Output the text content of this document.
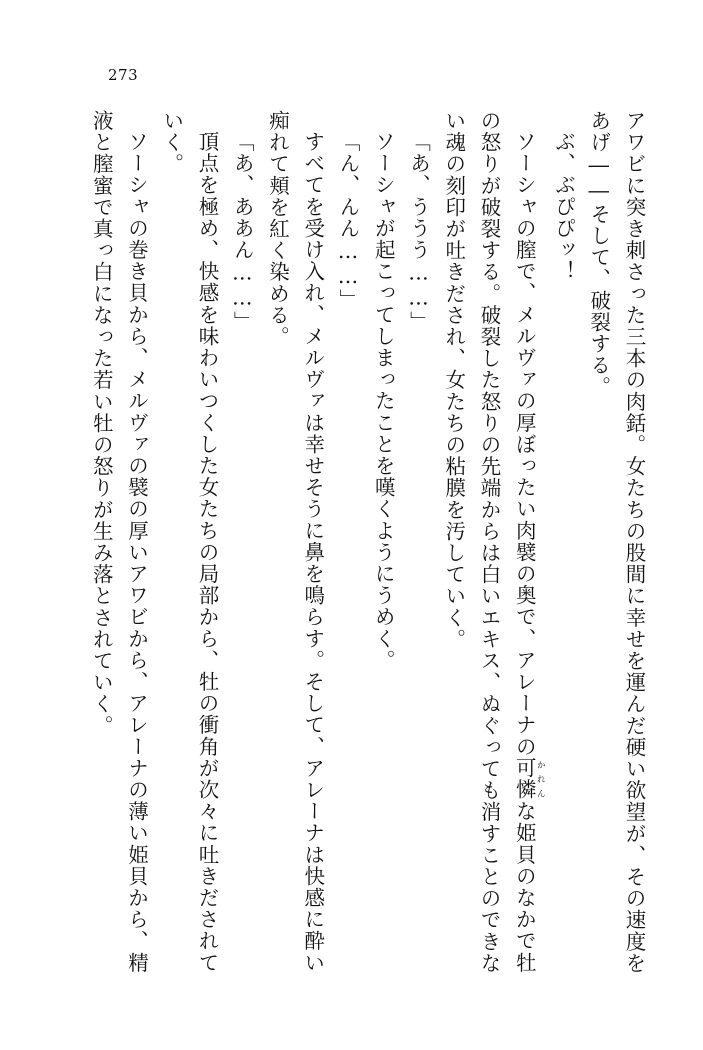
273

アワビに突き刺さった三本の肉銛。女たちの股間に幸せを運んだ硬い欲望が、その速度をあげ――そして、破裂する。

ぶ、ぶぴぴッ！

ソーシャの膣で、メルヴァの厚ぼったい肉襞の奥で、アレーナの可憐 かれんな姫貝のなかで牡の怒りが破裂する。破裂した怒りの先端からは白いエキス、ぬぐっても消すことのできない魂の刻印が吐きだされ、女たちの粘膜を汚していく。

「あ、ううう……」

ソーシャが起こってしまったことを嘆くようにうめく。

「ん、んん……」

すべてを受け入れ、メルヴァは幸せそうに鼻を鳴らす。そして、アレーナは快感に酔い痴れて頬を紅く染める。

「あ、ああん……」

頂点を極め、快感を味わいつくした女たちの局部から、牡の衝角が次々に吐きだされていく。

ソーシャの巻き貝から、メルヴァの襞の厚いアワビから、アレーナの薄い姫貝から、精液と膣蜜で真っ白になった若い牡の怒りが生み落とされていく。
